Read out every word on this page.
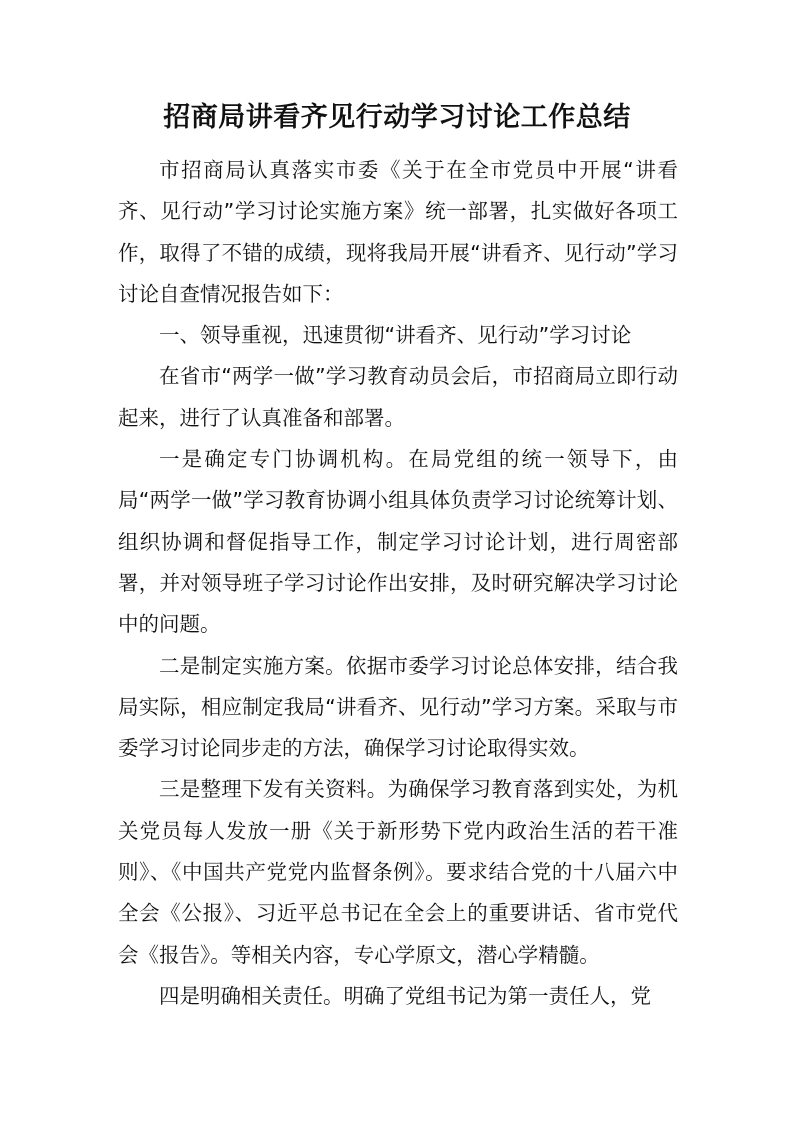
招商局讲看齐见行动学习讨论工作总结

市招商局认真落实市委《关于在全市党员中开展“讲看齐、见行动”学习讨论实施方案》统一部署，扎实做好各项工作，取得了不错的成绩，现将我局开展“讲看齐、见行动”学习讨论自查情况报告如下：

一、领导重视，迅速贯彻“讲看齐、见行动”学习讨论

在省市“两学一做”学习教育动员会后，市招商局立即行动起来，进行了认真准备和部署。

一是确定专门协调机构。在局党组的统一领导下，由局“两学一做”学习教育协调小组具体负责学习讨论统筹计划、组织协调和督促指导工作，制定学习讨论计划，进行周密部署，并对领导班子学习讨论作出安排，及时研究解决学习讨论中的问题。

二是制定实施方案。依据市委学习讨论总体安排，结合我局实际，相应制定我局“讲看齐、见行动”学习方案。采取与市委学习讨论同步走的方法，确保学习讨论取得实效。

三是整理下发有关资料。为确保学习教育落到实处，为机关党员每人发放一册《关于新形势下党内政治生活的若干准则》、《中国共产党党内监督条例》。要求结合党的十八届六中全会《公报》、习近平总书记在全会上的重要讲话、省市党代会《报告》。等相关内容，专心学原文，潜心学精髓。

四是明确相关责任。明确了党组书记为第一责任人，党
